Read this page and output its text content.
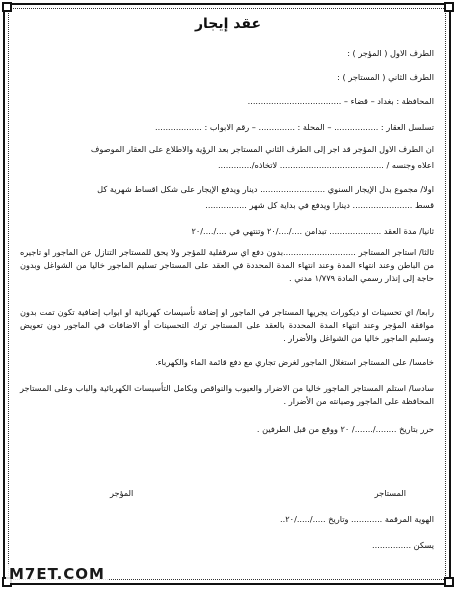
عقد إيجار
الطرف الاول ( المؤجر ) :
الطرف الثاني ( المستاجر ) :
المحافظة : بغداد – قضاء – ....................................
تسلسل العقار : ................. – المحلة : .............. – رقم الابواب : ..................
ان الطرف الاول المؤجر قد اجر إلى الطرف الثاني المستاجر بعد الرؤية والاطلاع على العقار الموصوف
اعلاه وجنسه / ........................................ لاتخاذه/.............
اولا/ مجموع بدل الإيجار السنوي ......................... دينار ويدفع الإيجار على شكل اقساط شهرية كل
قسط ....................... دينارا ويدفع في بداية كل شهر ................
ثانيا/ مدة العقد .................... تبدامن ..../..../٢٠ وتنتهي في ..../..../٢٠
ثالثا/ استاجر المستاجر ............................بدون دفع اي سرقفلية للمؤجر ولا يحق للمستاجر التنازل عن الماجور او تاجيره من الباطن وعند انتهاء المدة وعند انتهاء المدة المحددة في العقد على المستاجر تسليم الماجور خاليا من الشواغل وبدون حاجة إلى إنذار رسمي المادة ١/٧٧٩ مدني .
رابعا/ اي تحسينات او ديكورات يجريها المستاجر في الماجور او إضافة تأسيسات كهربائية او ابواب إضافية تكون تمت بدون موافقة المؤجر وعند انتهاء المدة المحددة بالعقد على المستاجر ترك التحسينات أو الاضافات في الماجور دون تعويض وتسليم الماجور خاليا من الشواغل والأضرار .
خامسا/ على المستاجر استغلال الماجور لغرض تجاري مع دفع قائمة الماء والكهرباء.
سادسا/ استلم المستاجر الماجور خاليا من الاضرار والعيوب والنواقص وبكامل التأسيسات الكهربائية والباب وعلى المستاجر المحافظة على الماجور وصيانته من الأضرار .
حرر بتاريخ ......../......./ ٢٠ ووقع من قبل الطرفين .
المستاجر
المؤجر
الهوية المرقمة ............ وتاريخ ...../...../٢٠..
يسكن ...............
M7ET.COM
